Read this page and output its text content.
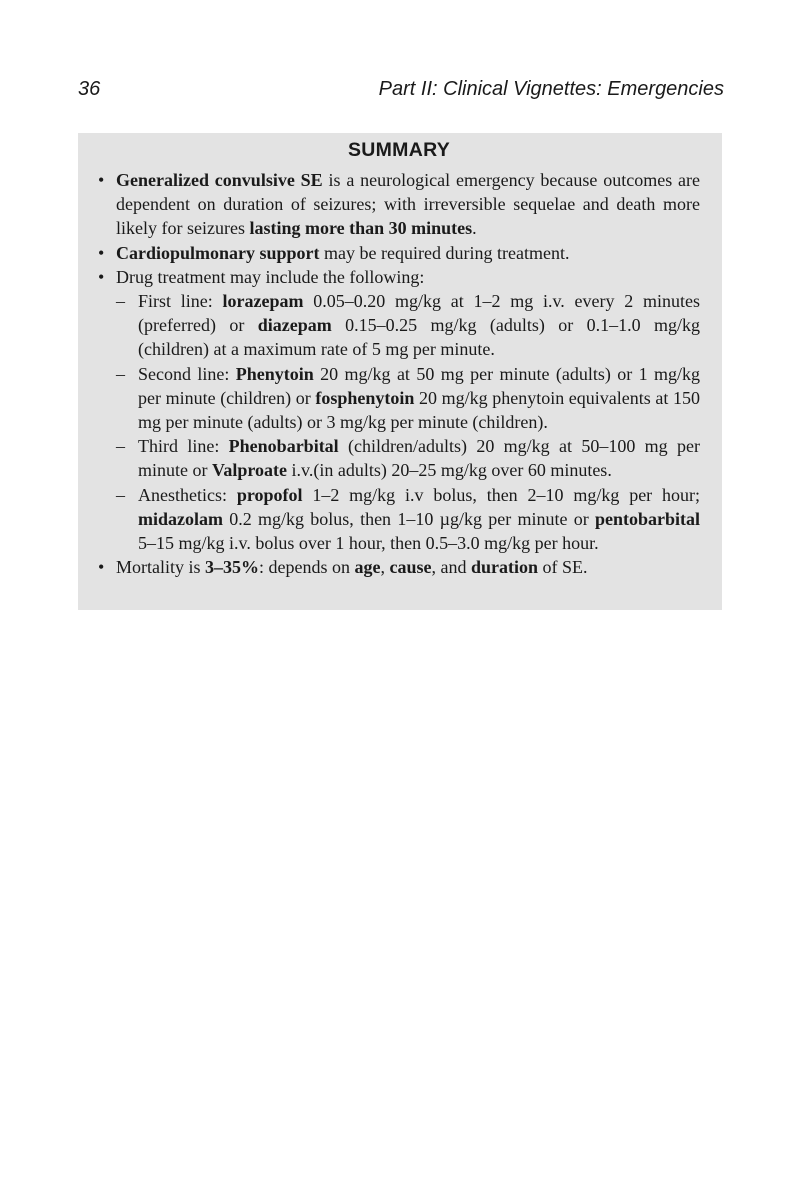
36	Part II: Clinical Vignettes: Emergencies
SUMMARY
• Generalized convulsive SE is a neurological emergency because outcomes are dependent on duration of seizures; with irreversible sequelae and death more likely for seizures lasting more than 30 minutes.
• Cardiopulmonary support may be required during treatment.
• Drug treatment may include the following:
– First line: lorazepam 0.05–0.20 mg/kg at 1–2 mg i.v. every 2 minutes (preferred) or diazepam 0.15–0.25 mg/kg (adults) or 0.1–1.0 mg/kg (children) at a maximum rate of 5 mg per minute.
– Second line: Phenytoin 20 mg/kg at 50 mg per minute (adults) or 1 mg/kg per minute (children) or fosphenytoin 20 mg/kg phenytoin equivalents at 150 mg per minute (adults) or 3 mg/kg per minute (children).
– Third line: Phenobarbital (children/adults) 20 mg/kg at 50–100 mg per minute or Valproate i.v.(in adults) 20–25 mg/kg over 60 minutes.
– Anesthetics: propofol 1–2 mg/kg i.v bolus, then 2–10 mg/kg per hour; midazolam 0.2 mg/kg bolus, then 1–10 µg/kg per minute or pentobarbital 5–15 mg/kg i.v. bolus over 1 hour, then 0.5–3.0 mg/kg per hour.
• Mortality is 3–35%: depends on age, cause, and duration of SE.
